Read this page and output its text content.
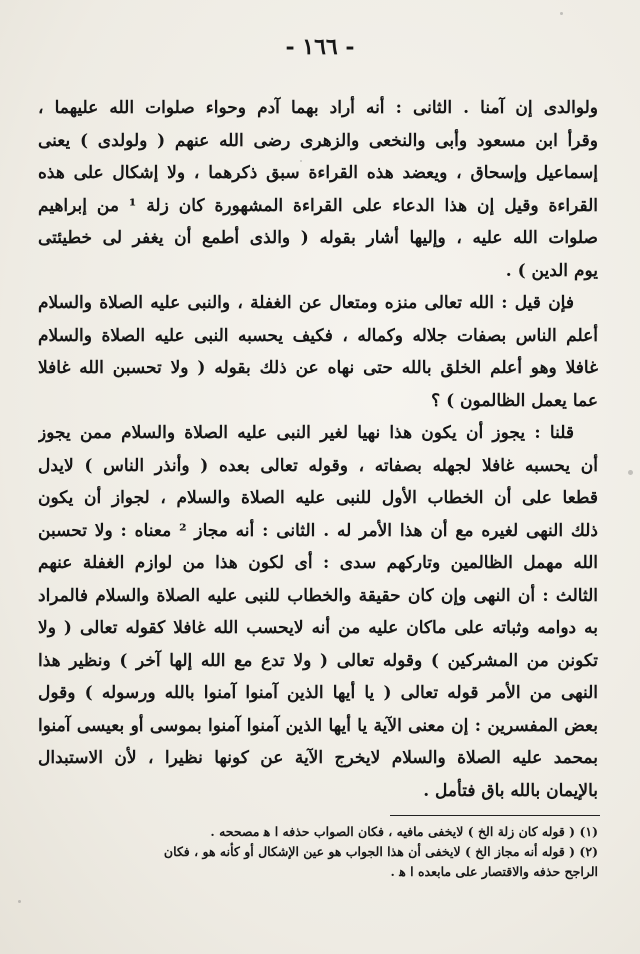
- ١٦٦ -
ولوالدى إن آمنا . الثانى : أنه أراد بهما آدم وحواء صلوات الله عليهما ،
وقرأ ابن مسعود وأبى والنخعى والزهرى رضى الله عنهم ( ولولدى ) يعنى
إسماعيل وإسحاق ، ويعضد هذه القراءة سبق ذكرهما ، ولا إشكال على هذه
القراءة وقيل إن هذا الدعاء على القراءة المشهورة كان زلة ¹ من إبراهيم
صلوات الله عليه ، وإليها أشار بقوله ( والذى أطمع أن يغفر لى خطيئتى
يوم الدين ) .
فإن قيل : الله تعالى منزه ومتعال عن الغفلة ، والنبى عليه الصلاة والسلام
أعلم الناس بصفات جلاله وكماله ، فكيف يحسبه النبى عليه الصلاة والسلام
غافلا وهو أعلم الخلق بالله حتى نهاه عن ذلك بقوله ( ولا تحسبن الله غافلا
عما يعمل الظالمون ) ؟
قلنا : يجوز أن يكون هذا نهيا لغير النبى عليه الصلاة والسلام ممن يجوز
أن يحسبه غافلا لجهله بصفاته ، وقوله تعالى بعده ( وأنذر الناس ) لايدل
قطعا على أن الخطاب الأول للنبى عليه الصلاة والسلام ، لجواز أن يكون
ذلك النهى لغيره مع أن هذا الأمر له . الثانى : أنه مجاز ² معناه : ولا تحسبن
الله مهمل الظالمين وتاركهم سدى : أى لكون هذا من لوازم الغفلة عنهم
الثالث : أن النهى وإن كان حقيقة والخطاب للنبى عليه الصلاة والسلام فالمراد
به دوامه وثباته على ماكان عليه من أنه لايحسب الله غافلا كقوله تعالى ( ولا
تكونن من المشركين ) وقوله تعالى ( ولا تدع مع الله إلها آخر ) ونظير هذا
النهى من الأمر قوله تعالى ( يا أيها الذين آمنوا آمنوا بالله ورسوله ) وقول
بعض المفسرين : إن معنى الآية يا أيها الذين آمنوا آمنوا بموسى أو بعيسى آمنوا
بمحمد عليه الصلاة والسلام لايخرج الآية عن كونها نظيرا ، لأن الاستبدال
بالإيمان بالله باق فتأمل .
(١) ( قوله كان زلة الخ ) لايخفى مافيه ، فكان الصواب حذفه ا ﻫ مصححه .
(٢) ( قوله أنه مجاز الخ ) لايخفى أن هذا الجواب هو عين الإشكال أو كأنه هو ، فكان
الراجح حذفه والاقتصار على مابعده ا ﻫ .
